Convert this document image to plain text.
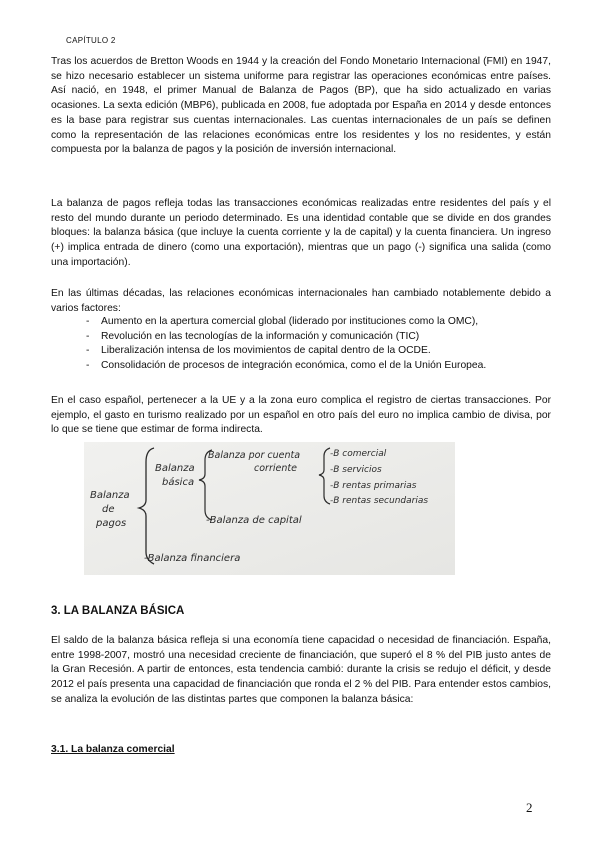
CAPÍTULO 2

Tras los acuerdos de Bretton Woods en 1944 y la creación del Fondo Monetario Internacional (FMI) en 1947, se hizo necesario establecer un sistema uniforme para registrar las operaciones económicas entre países. Así nació, en 1948, el primer Manual de Balanza de Pagos (BP), que ha sido actualizado en varias ocasiones. La sexta edición (MBP6), publicada en 2008, fue adoptada por España en 2014 y desde entonces es la base para registrar sus cuentas internacionales. Las cuentas internacionales de un país se definen como la representación de las relaciones económicas entre los residentes y los no residentes, y están compuesta por la balanza de pagos y la posición de inversión internacional.

La balanza de pagos refleja todas las transacciones económicas realizadas entre residentes del país y el resto del mundo durante un periodo determinado. Es una identidad contable que se divide en dos grandes bloques: la balanza básica (que incluye la cuenta corriente y la de capital) y la cuenta financiera. Un ingreso (+) implica entrada de dinero (como una exportación), mientras que un pago (-) significa una salida (como una importación).

En las últimas décadas, las relaciones económicas internacionales han cambiado notablemente debido a varios factores:

- Aumento en la apertura comercial global (liderado por instituciones como la OMC),
- Revolución en las tecnologías de la información y comunicación (TIC)
- Liberalización intensa de los movimientos de capital dentro de la OCDE.
- Consolidación de procesos de integración económica, como el de la Unión Europea.

En el caso español, pertenecer a la UE y a la zona euro complica el registro de ciertas transacciones. Por ejemplo, el gasto en turismo realizado por un español en otro país del euro no implica cambio de divisa, por lo que se tiene que estimar de forma indirecta.

Balanza de pagos
Balanza básica
Balanza por cuenta corriente
-B comercial
-B servicios
-B rentas primarias
-B rentas secundarias
-Balanza de capital
-Balanza financiera
3. LA BALANZA BÁSICA

El saldo de la balanza básica refleja si una economía tiene capacidad o necesidad de financiación. España, entre 1998-2007, mostró una necesidad creciente de financiación, que superó el 8 % del PIB justo antes de la Gran Recesión. A partir de entonces, esta tendencia cambió: durante la crisis se redujo el déficit, y desde 2012 el país presenta una capacidad de financiación que ronda el 2 % del PIB. Para entender estos cambios, se analiza la evolución de las distintas partes que componen la balanza básica:

3.1. La balanza comercial
2
